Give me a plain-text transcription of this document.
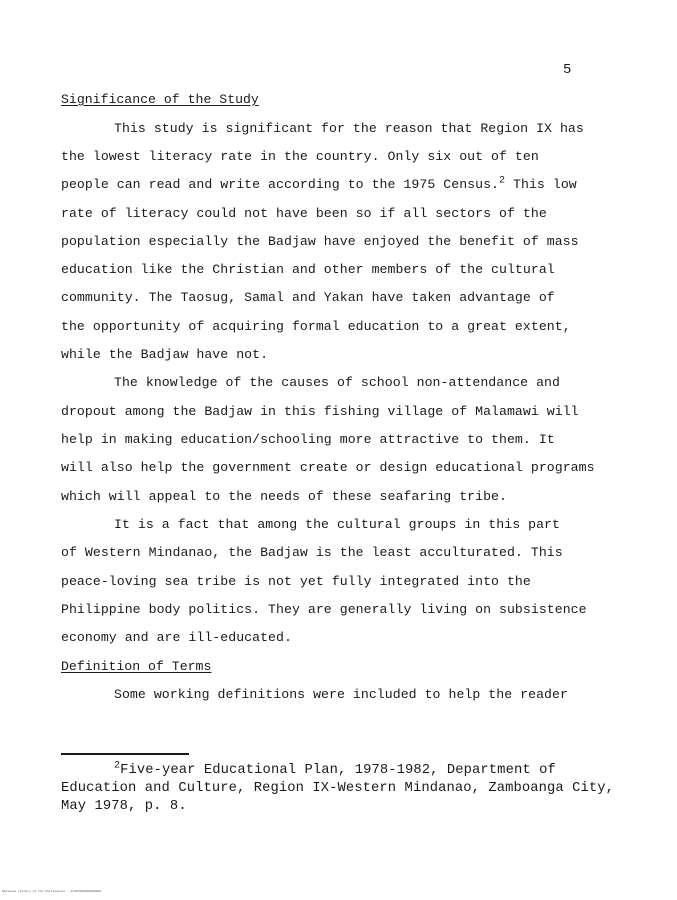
5
Significance of the Study
This study is significant for the reason that Region IX has
the lowest literacy rate in the country. Only six out of ten
people can read and write according to the 1975 Census.$^2$ This low
rate of literacy could not have been so if all sectors of the
population especially the Badjaw have enjoyed the benefit of mass
education like the Christian and other members of the cultural
community. The Taosug, Samal and Yakan have taken advantage of
the opportunity of acquiring formal education to a great extent,
while the Badjaw have not.
The knowledge of the causes of school non-attendance and
dropout among the Badjaw in this fishing village of Malamawi will
help in making education/schooling more attractive to them. It
will also help the government create or design educational programs
which will appeal to the needs of these seafaring tribe.
It is a fact that among the cultural groups in this part
of Western Mindanao, the Badjaw is the least acculturated. This
peace-loving sea tribe is not yet fully integrated into the
Philippine body politics. They are generally living on subsistence
economy and are ill-educated.
Definition of Terms
Some working definitions were included to help the reader
$^2$Five-year Educational Plan, 1978-1982, Department of
Education and Culture, Region IX-Western Mindanao, Zamboanga City,
May 1978, p. 8.
National Library of the Philippines · ILHSY000000000000
